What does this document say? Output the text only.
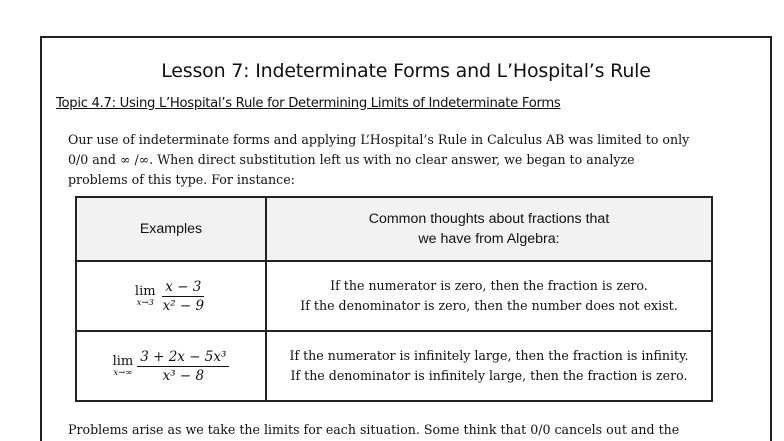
Lesson 7: Indeterminate Forms and L’Hospital’s Rule
Topic 4.7: Using L’Hospital’s Rule for Determining Limits of Indeterminate Forms
Our use of indeterminate forms and applying L’Hospital’s Rule in Calculus AB was limited to only
0/0 and ∞ /∞. When direct substitution left us with no clear answer, we began to analyze
problems of this type. For instance:
Examples	Common thoughts about fractions that
we have from Algebra:

lim
$x\to 3 \frac{x - 3}{\text{x² − 9}}$	If the numerator is zero, then the fraction is zero.
If the denominator is zero, then the number does not exist.

lim
$x\to\infty \frac{\text{3 + 2x − 5x³}}{\text{x³ − 8}}$	If the numerator is infinitely large, then the fraction is infinity.
If the denominator is infinitely large, then the fraction is zero.
Problems arise as we take the limits for each situation. Some think that 0/0 cancels out and the
